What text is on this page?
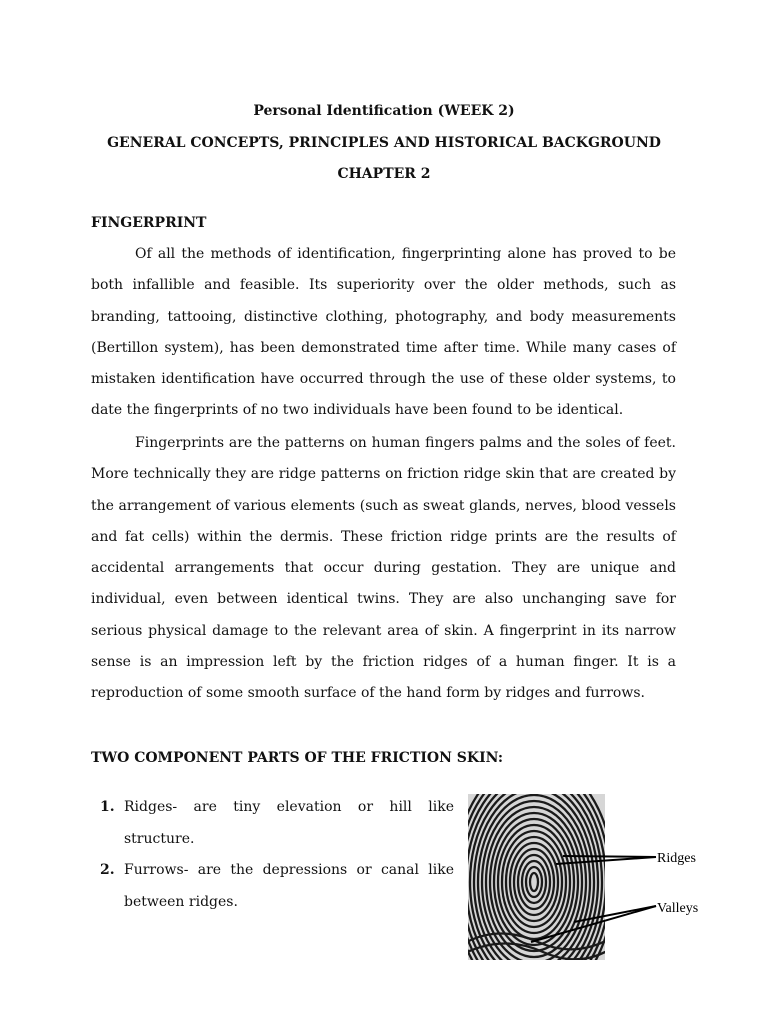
Personal Identification (WEEK 2)
GENERAL CONCEPTS, PRINCIPLES AND HISTORICAL BACKGROUND
CHAPTER 2
FINGERPRINT

Of all the methods of identification, fingerprinting alone has proved to be both infallible and feasible. Its superiority over the older methods, such as branding, tattooing, distinctive clothing, photography, and body measurements (Bertillon system), has been demonstrated time after time. While many cases of mistaken identification have occurred through the use of these older systems, to date the fingerprints of no two individuals have been found to be identical.

Fingerprints are the patterns on human fingers palms and the soles of feet. More technically they are ridge patterns on friction ridge skin that are created by the arrangement of various elements (such as sweat glands, nerves, blood vessels and fat cells) within the dermis. These friction ridge prints are the results of accidental arrangements that occur during gestation. They are unique and individual, even between identical twins. They are also unchanging save for serious physical damage to the relevant area of skin. A fingerprint in its narrow sense is an impression left by the friction ridges of a human finger. It is a reproduction of some smooth surface of the hand form by ridges and furrows.

TWO COMPONENT PARTS OF THE FRICTION SKIN:
1. Ridges- are tiny elevation or hill like structure.
2. Furrows- are the depressions or canal like between ridges.
Ridges
Valleys
